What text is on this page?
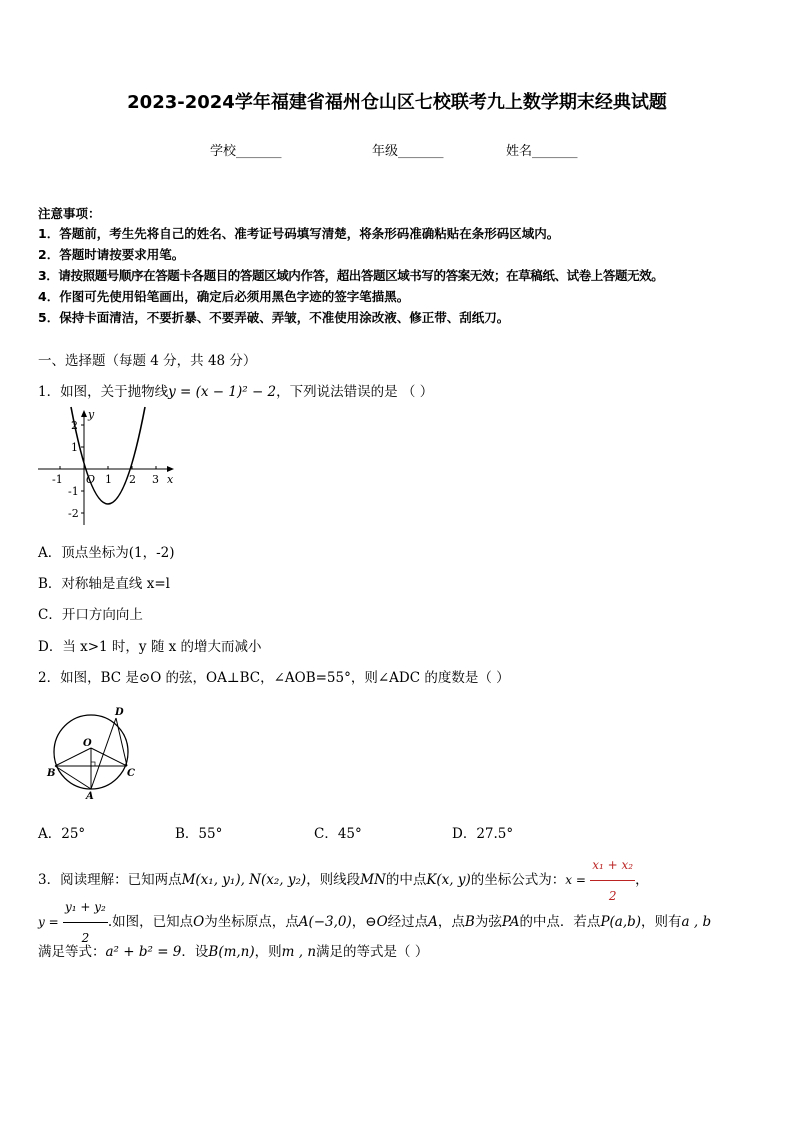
2023-2024学年福建省福州仓山区七校联考九上数学期末经典试题
学校_______	年级_______	姓名_______
注意事项：
1．答题前，考生先将自己的姓名、准考证号码填写清楚，将条形码准确粘贴在条形码区域内。
2．答题时请按要求用笔。
3．请按照题号顺序在答题卡各题目的答题区域内作答，超出答题区域书写的答案无效；在草稿纸、试卷上答题无效。
4．作图可先使用铅笔画出，确定后必须用黑色字迹的签字笔描黑。
5．保持卡面清洁，不要折暴、不要弄破、弄皱，不准使用涂改液、修正带、刮纸刀。
一、选择题（每题 4 分，共 48 分）
1．如图，关于抛物线y = (x − 1)² − 2，下列说法错误的是 （ ）
-1	1 2 3 x
2
1
-1
-2
y
O
A．顶点坐标为(1，-2)
B．对称轴是直线 x=l
C．开口方向向上
D．当 x>1 时，y 随 x 的增大而减小
2．如图，BC 是⊙O 的弦，OA⊥BC，∠AOB=55°，则∠ADC 的度数是（ ）
O
D
B	C
A
A．25°	B．55°	C．45°	D．27.5°
3．阅读理解：已知两点M(x₁, y₁), N(x₂, y₂)，则线段MN的中点K(x, y)的坐标公式为：$x = \frac{\text{x₁ + x₂}}{2}$ ，
$y = \frac{\text{y₁ + y₂}}{2}$ .如图，已知点O为坐标原点，点A(−3,0)，⊖O经过点A，点B为弦PA的中点．若点P(a,b)，则有a , b
满足等式：a² + b² = 9．设B(m,n)，则m , n满足的等式是（ ）
